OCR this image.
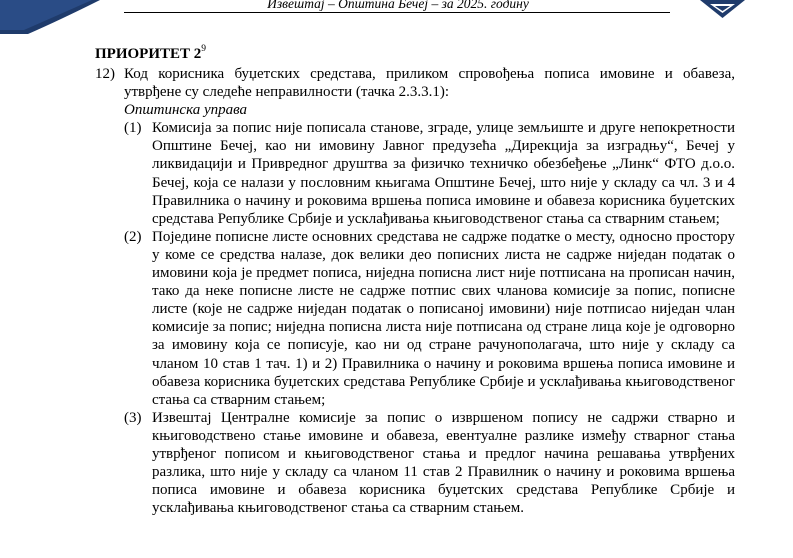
Извештај – Општина Бечеј – за 2025. годину
ПРИОРИТЕТ $2^9$
12) Код корисника буџетских средстава, приликом спровођења пописа имовине и обавеза, утврђене су следеће неправилности (тачка 2.3.3.1):
Општинска управа
(1) Комисија за попис није пописала станове, зграде, улице земљиште и друге непокретности Општине Бечеј, као ни имовину Јавног предузећа „Дирекција за изградњу“, Бечеј у ликвидацији и Привредног друштва за физичко техничко обезбеђење „Линк“ ФТО д.о.о. Бечеј, која се налази у пословним књигама Општине Бечеј, што није у складу са чл. 3 и 4 Правилника о начину и роковима вршења пописа имовине и обавеза корисника буџетских средстава Републике Србије и усклађивања књиговодственог стања са стварним стањем;
(2) Поједине пописне листе основних средстава не садрже податке о месту, односно простору у коме се средства налазе, док велики део пописних листа не садрже ниједан податак о имовини која је предмет пописа, ниједна пописна лист није потписана на прописан начин, тако да неке пописне листе не садрже потпис свих чланова комисије за попис, пописне листе (које не садрже ниједан податак о пописаној имовини) није потписао ниједан члан комисије за попис; ниједна пописна листа није потписана од стране лица које је одговорно за имовину која се пописује, као ни од стране рачунополагача, што није у складу са чланом 10 став 1 тач. 1) и 2) Правилника о начину и роковима вршења пописа имовине и обавеза корисника буџетских средстава Републике Србије и усклађивања књиговодственог стања са стварним стањем;
(3) Извештај Централне комисије за попис о извршеном попису не садржи стварно и књиговодствено стање имовине и обавеза, евентуалне разлике између стварног стања утврђеног пописом и књиговодственог стања и предлог начина решавања утврђених разлика, што није у складу са чланом 11 став 2 Правилник о начину и роковима вршења пописа имовине и обавеза корисника буџетских средстава Републике Србије и усклађивања књиговодственог стања са стварним стањем.
